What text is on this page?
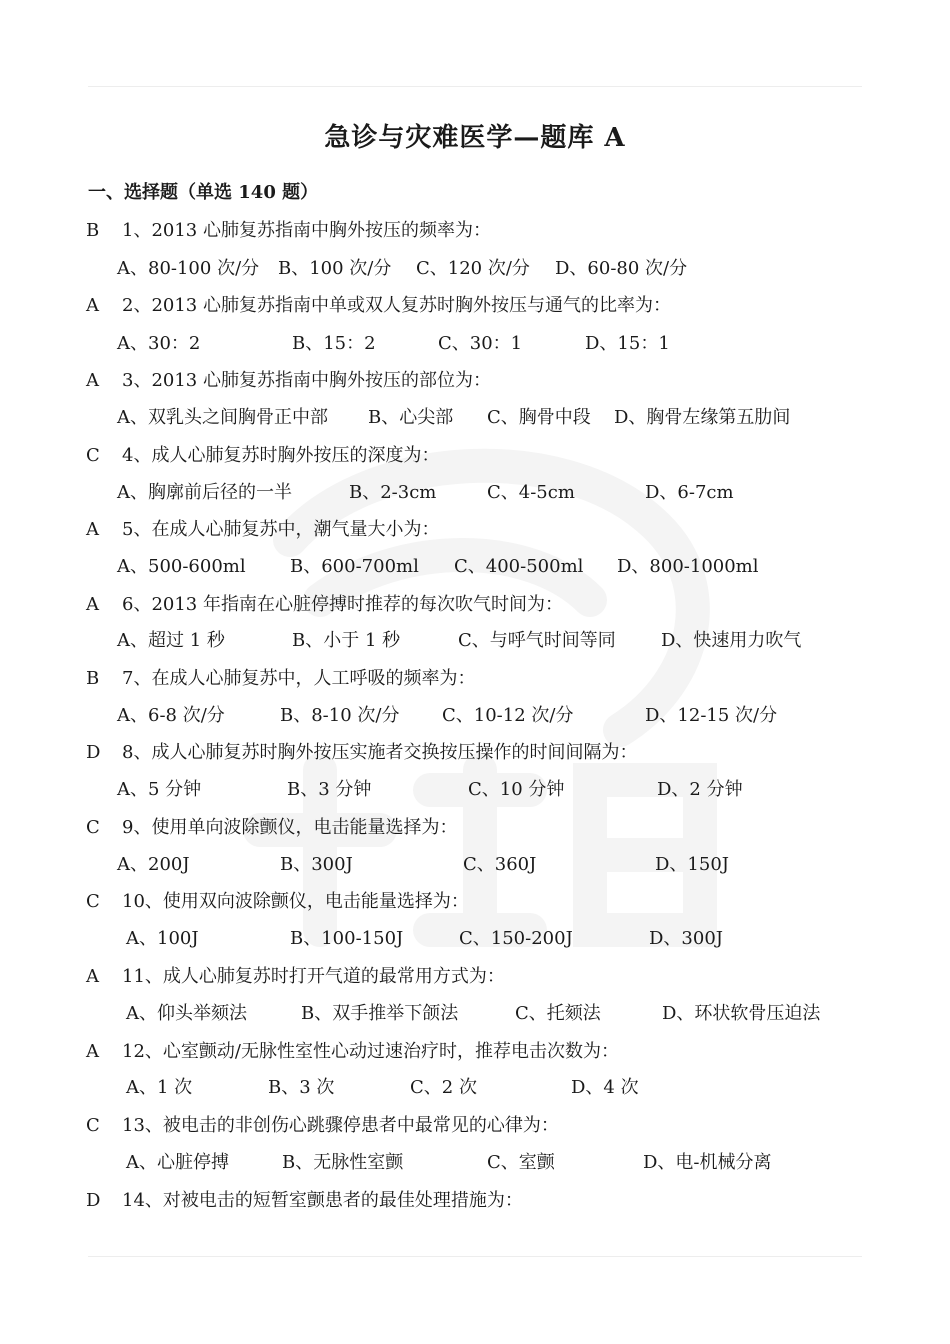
急诊与灾难医学—题库 A
一、选择题（单选 140 题）
B 1、2013 心肺复苏指南中胸外按压的频率为：
A、80-100 次/分 B、100 次/分 C、120 次/分 D、60-80 次/分
A 2、2013 心肺复苏指南中单或双人复苏时胸外按压与通气的比率为：
A、30：2	B、15：2	C、30：1	D、15：1
A 3、2013 心肺复苏指南中胸外按压的部位为：
A、双乳头之间胸骨正中部 B、心尖部 C、胸骨中段 D、胸骨左缘第五肋间
C 4、成人心肺复苏时胸外按压的深度为：
A、胸廓前后径的一半	B、2-3cm	C、4-5cm	D、6-7cm
A 5、在成人心肺复苏中，潮气量大小为：
A、500-600ml B、600-700ml C、400-500ml D、800-1000ml
A 6、2013 年指南在心脏停搏时推荐的每次吹气时间为：
A、超过 1 秒	B、小于 1 秒	C、与呼气时间等同	D、快速用力吹气
B 7、在成人心肺复苏中，人工呼吸的频率为：
A、6-8 次/分	B、8-10 次/分 C、10-12 次/分	D、12-15 次/分
D 8、成人心肺复苏时胸外按压实施者交换按压操作的时间间隔为：
A、5 分钟	B、3 分钟	C、10 分钟	D、2 分钟
C 9、使用单向波除颤仪，电击能量选择为：
A、200J	B、300J	C、360J	D、150J
C 10、使用双向波除颤仪，电击能量选择为：
A、100J	B、100-150J	C、150-200J	D、300J
A 11、成人心肺复苏时打开气道的最常用方式为：
A、仰头举颏法	B、双手推举下颌法	C、托颏法	D、环状软骨压迫法
A 12、心室颤动/无脉性室性心动过速治疗时，推荐电击次数为：
A、1 次	B、3 次	C、2 次	D、4 次
C 13、被电击的非创伤心跳骤停患者中最常见的心律为：
A、心脏停搏	B、无脉性室颤	C、室颤	D、电-机械分离
D 14、对被电击的短暂室颤患者的最佳处理措施为：
